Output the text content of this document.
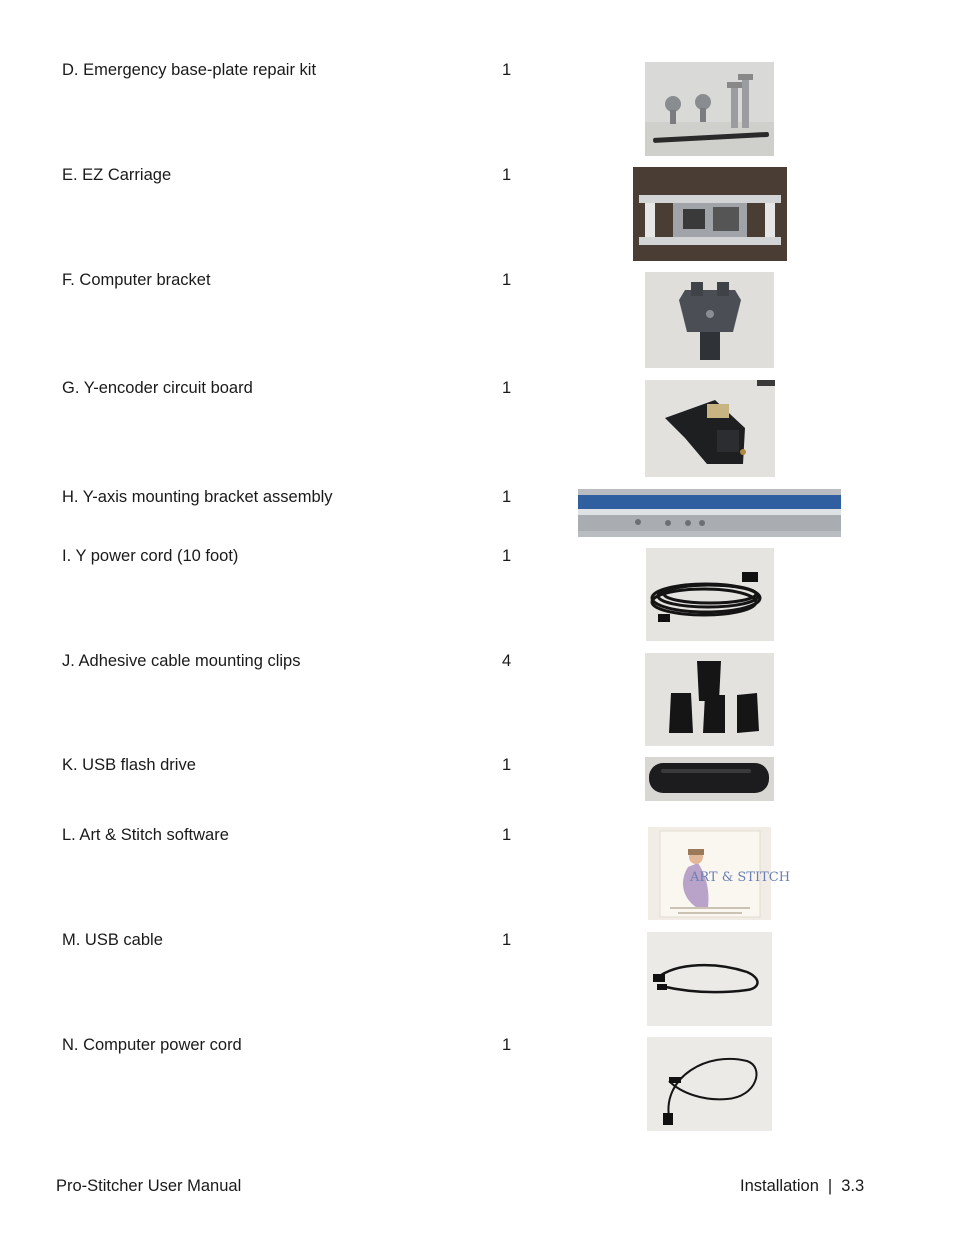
D. Emergency base-plate repair kit	1
E. EZ Carriage	1
F. Computer bracket	1
G. Y-encoder circuit board	1
H. Y-axis mounting bracket assembly	1
I. Y power cord (10 foot)	1
J. Adhesive cable mounting clips	4
K. USB flash drive	1
L. Art & Stitch software	1
ART & STITCH
M. USB cable	1
N. Computer power cord	1
Pro-Stitcher User Manual	Installation | 3.3
